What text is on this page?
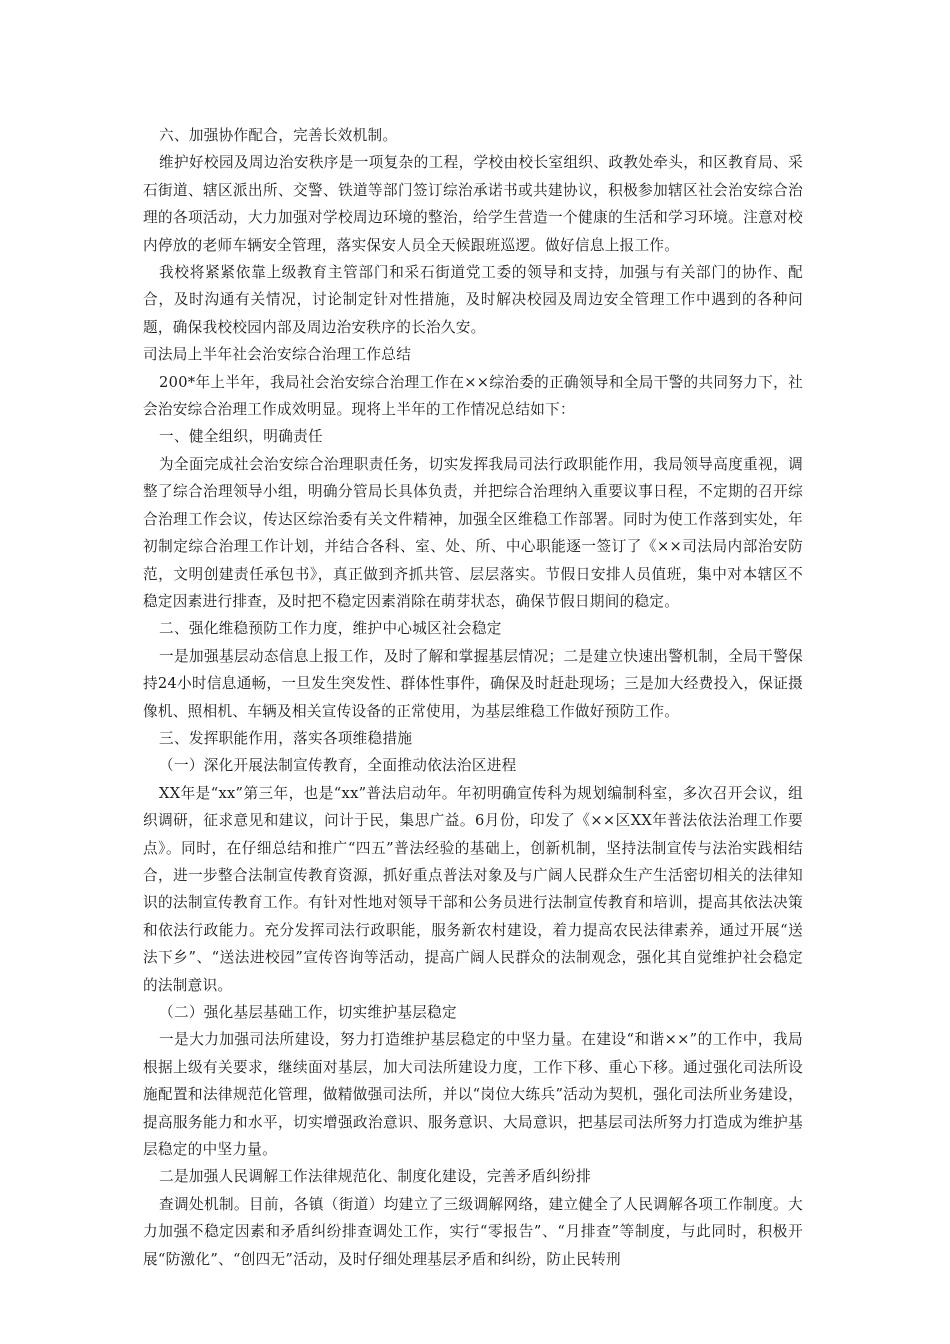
六、加强协作配合，完善长效机制。

维护好校园及周边治安秩序是一项复杂的工程，学校由校长室组织、政教处牵头，和区教育局、采石街道、辖区派出所、交警、铁道等部门签订综治承诺书或共建协议，积极参加辖区社会治安综合治理的各项活动，大力加强对学校周边环境的整治，给学生营造一个健康的生活和学习环境。注意对校内停放的老师车辆安全管理，落实保安人员全天候跟班巡逻。做好信息上报工作。

我校将紧紧依靠上级教育主管部门和采石街道党工委的领导和支持，加强与有关部门的协作、配合，及时沟通有关情况，讨论制定针对性措施，及时解决校园及周边安全管理工作中遇到的各种问题，确保我校校园内部及周边治安秩序的长治久安。

司法局上半年社会治安综合治理工作总结

200*年上半年，我局社会治安综合治理工作在××综治委的正确领导和全局干警的共同努力下，社会治安综合治理工作成效明显。现将上半年的工作情况总结如下：

一、健全组织，明确责任

为全面完成社会治安综合治理职责任务，切实发挥我局司法行政职能作用，我局领导高度重视，调整了综合治理领导小组，明确分管局长具体负责，并把综合治理纳入重要议事日程，不定期的召开综合治理工作会议，传达区综治委有关文件精神，加强全区维稳工作部署。同时为使工作落到实处，年初制定综合治理工作计划，并结合各科、室、处、所、中心职能逐一签订了《××司法局内部治安防范，文明创建责任承包书》，真正做到齐抓共管、层层落实。节假日安排人员值班，集中对本辖区不稳定因素进行排查，及时把不稳定因素消除在萌芽状态，确保节假日期间的稳定。

二、强化维稳预防工作力度，维护中心城区社会稳定

一是加强基层动态信息上报工作，及时了解和掌握基层情况；二是建立快速出警机制，全局干警保持24小时信息通畅，一旦发生突发性、群体性事件，确保及时赶赴现场；三是加大经费投入，保证摄像机、照相机、车辆及相关宣传设备的正常使用，为基层维稳工作做好预防工作。

三、发挥职能作用，落实各项维稳措施

（一）深化开展法制宣传教育，全面推动依法治区进程

XX年是“xx”第三年，也是“xx”普法启动年。年初明确宣传科为规划编制科室，多次召开会议，组织调研，征求意见和建议，问计于民，集思广益。6月份，印发了《××区XX年普法依法治理工作要点》。同时，在仔细总结和推广“四五”普法经验的基础上，创新机制，坚持法制宣传与法治实践相结合，进一步整合法制宣传教育资源，抓好重点普法对象及与广阔人民群众生产生活密切相关的法律知识的法制宣传教育工作。有针对性地对领导干部和公务员进行法制宣传教育和培训，提高其依法决策和依法行政能力。充分发挥司法行政职能，服务新农村建设，着力提高农民法律素养，通过开展“送法下乡”、“送法进校园”宣传咨询等活动，提高广阔人民群众的法制观念，强化其自觉维护社会稳定的法制意识。

（二）强化基层基础工作，切实维护基层稳定

一是大力加强司法所建设，努力打造维护基层稳定的中坚力量。在建设“和谐××”的工作中，我局根据上级有关要求，继续面对基层，加大司法所建设力度，工作下移、重心下移。通过强化司法所设施配置和法律规范化管理，做精做强司法所，并以“岗位大练兵”活动为契机，强化司法所业务建设，提高服务能力和水平，切实增强政治意识、服务意识、大局意识，把基层司法所努力打造成为维护基层稳定的中坚力量。

二是加强人民调解工作法律规范化、制度化建设，完善矛盾纠纷排

查调处机制。目前，各镇（街道）均建立了三级调解网络，建立健全了人民调解各项工作制度。大力加强不稳定因素和矛盾纠纷排查调处工作，实行“零报告”、“月排查”等制度，与此同时，积极开展“防激化”、“创四无”活动，及时仔细处理基层矛盾和纠纷，防止民转刑
